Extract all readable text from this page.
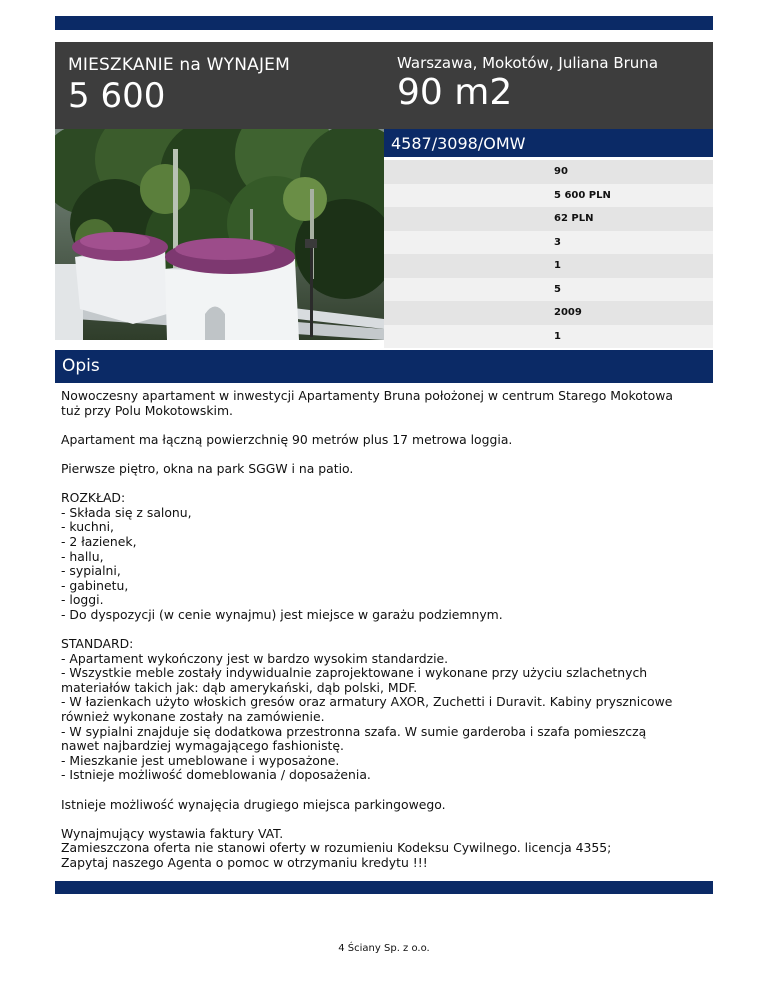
MIESZKANIE na WYNAJEM
5 600
Warszawa, Mokotów, Juliana Bruna
90 m2
4587/3098/OMW
90
5 600 PLN
62 PLN
3
1
5
2009
1
Opis
Nowoczesny apartament w inwestycji Apartamenty Bruna położonej w centrum Starego Mokotowa
tuż przy Polu Mokotowskim.

Apartament ma łączną powierzchnię 90 metrów plus 17 metrowa loggia.

Pierwsze piętro, okna na park SGGW i na patio.

ROZKŁAD:
- Składa się z salonu,
- kuchni,
- 2 łazienek,
- hallu,
- sypialni,
- gabinetu,
- loggi.
- Do dyspozycji (w cenie wynajmu) jest miejsce w garażu podziemnym.

STANDARD:
- Apartament wykończony jest w bardzo wysokim standardzie.
- Wszystkie meble zostały indywidualnie zaprojektowane i wykonane przy użyciu szlachetnych
materiałów takich jak: dąb amerykański, dąb polski, MDF.
- W łazienkach użyto włoskich gresów oraz armatury AXOR, Zuchetti i Duravit. Kabiny prysznicowe
również wykonane zostały na zamówienie.
- W sypialni znajduje się dodatkowa przestronna szafa. W sumie garderoba i szafa pomieszczą
nawet najbardziej wymagającego fashionistę.
- Mieszkanie jest umeblowane i wyposażone.
- Istnieje możliwość domeblowania / doposażenia.

Istnieje możliwość wynajęcia drugiego miejsca parkingowego.

Wynajmujący wystawia faktury VAT.
Zamieszczona oferta nie stanowi oferty w rozumieniu Kodeksu Cywilnego. licencja 4355;
Zapytaj naszego Agenta o pomoc w otrzymaniu kredytu !!!
4 Ściany Sp. z o.o.
